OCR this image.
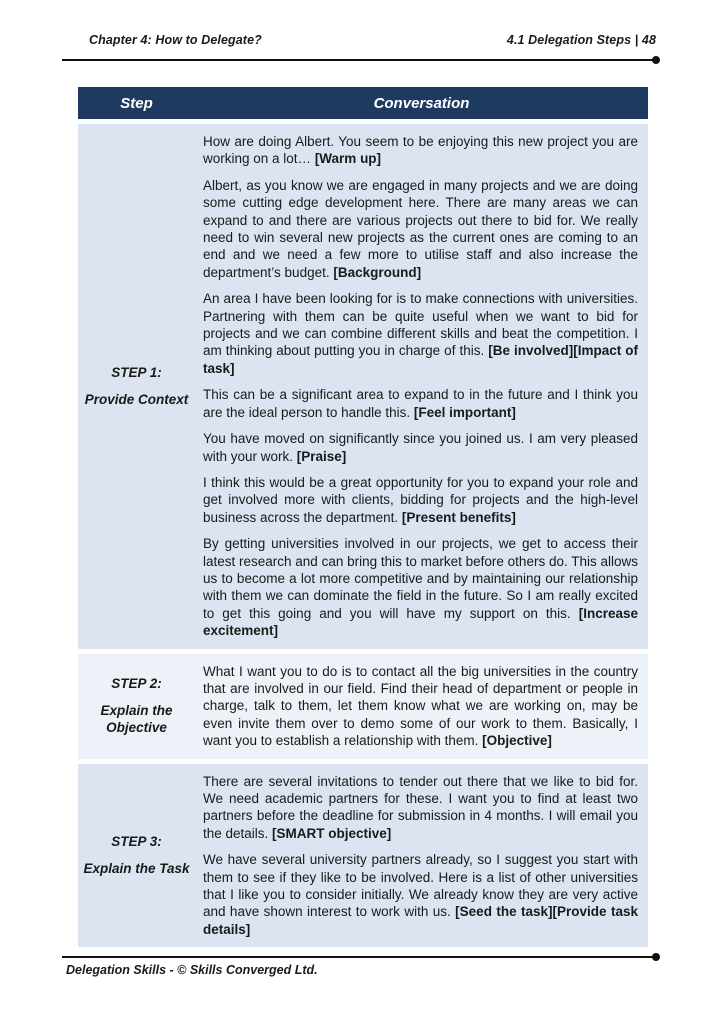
Chapter 4: How to Delegate?	4.1 Delegation Steps | 48
Step	Conversation
STEP 1:
Provide Context

How are doing Albert. You seem to be enjoying this new project you are working on a lot… [Warm up]

Albert, as you know we are engaged in many projects and we are doing some cutting edge development here. There are many areas we can expand to and there are various projects out there to bid for. We really need to win several new projects as the current ones are coming to an end and we need a few more to utilise staff and also increase the department’s budget. [Background]

An area I have been looking for is to make connections with universities. Partnering with them can be quite useful when we want to bid for projects and we can combine different skills and beat the competition. I am thinking about putting you in charge of this. [Be involved][Impact of task]

This can be a significant area to expand to in the future and I think you are the ideal person to handle this. [Feel important]

You have moved on significantly since you joined us. I am very pleased with your work. [Praise]

I think this would be a great opportunity for you to expand your role and get involved more with clients, bidding for projects and the high-level business across the department. [Present benefits]

By getting universities involved in our projects, we get to access their latest research and can bring this to market before others do. This allows us to become a lot more competitive and by maintaining our relationship with them we can dominate the field in the future. So I am really excited to get this going and you will have my support on this. [Increase excitement]

STEP 2:
Explain the Objective

What I want you to do is to contact all the big universities in the country that are involved in our field. Find their head of department or people in charge, talk to them, let them know what we are working on, may be even invite them over to demo some of our work to them. Basically, I want you to establish a relationship with them. [Objective]

STEP 3:
Explain the Task

There are several invitations to tender out there that we like to bid for. We need academic partners for these. I want you to find at least two partners before the deadline for submission in 4 months. I will email you the details. [SMART objective]

We have several university partners already, so I suggest you start with them to see if they like to be involved. Here is a list of other universities that I like you to consider initially. We already know they are very active and have shown interest to work with us. [Seed the task][Provide task details]

Delegation Skills - © Skills Converged Ltd.
